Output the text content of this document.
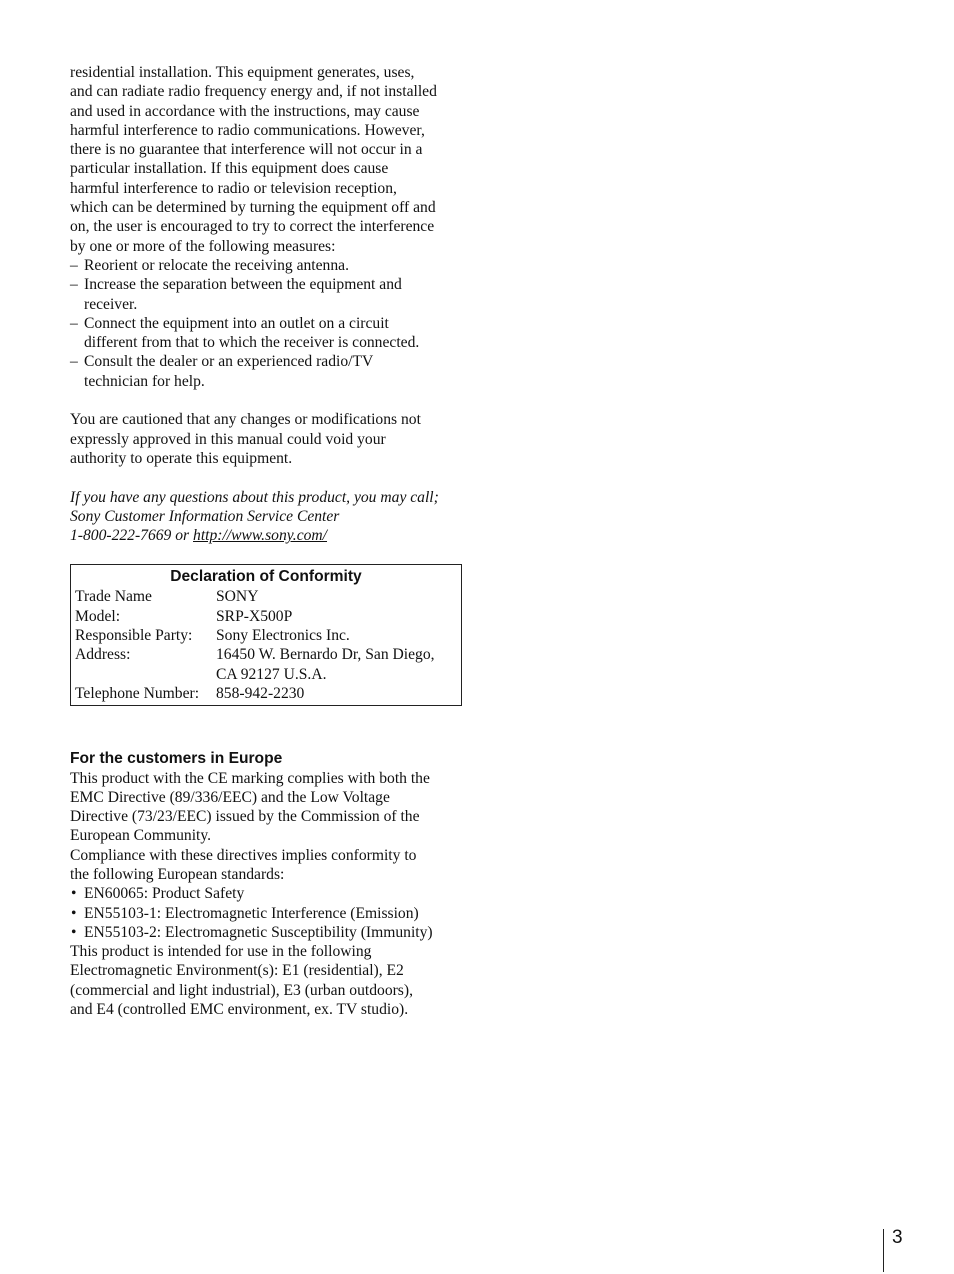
residential installation. This equipment generates, uses,
and can radiate radio frequency energy and, if not installed
and used in accordance with the instructions, may cause
harmful interference to radio communications. However,
there is no guarantee that interference will not occur in a
particular installation. If this equipment does cause
harmful interference to radio or television reception,
which can be determined by turning the equipment off and
on, the user is encouraged to try to correct the interference
by one or more of the following measures:

– Reorient or relocate the receiving antenna.
– Increase the separation between the equipment and
receiver.
– Connect the equipment into an outlet on a circuit
different from that to which the receiver is connected.
– Consult the dealer or an experienced radio/TV
technician for help.

You are cautioned that any changes or modifications not
expressly approved in this manual could void your
authority to operate this equipment.

If you have any questions about this product, you may call;
Sony Customer Information Service Center
1-800-222-7669 or http://www.sony.com/

Declaration of Conformity
Trade Name	SONY
Model:	SRP-X500P
Responsible Party:	Sony Electronics Inc.
Address:	16450 W. Bernardo Dr, San Diego,
CA 92127 U.S.A.
Telephone Number:	858-942-2230
For the customers in Europe

This product with the CE marking complies with both the
EMC Directive (89/336/EEC) and the Low Voltage
Directive (73/23/EEC) issued by the Commission of the
European Community.
Compliance with these directives implies conformity to
the following European standards:

• EN60065: Product Safety
• EN55103-1: Electromagnetic Interference (Emission)
• EN55103-2: Electromagnetic Susceptibility (Immunity)

This product is intended for use in the following
Electromagnetic Environment(s): E1 (residential), E2
(commercial and light industrial), E3 (urban outdoors),
and E4 (controlled EMC environment, ex. TV studio).

3
